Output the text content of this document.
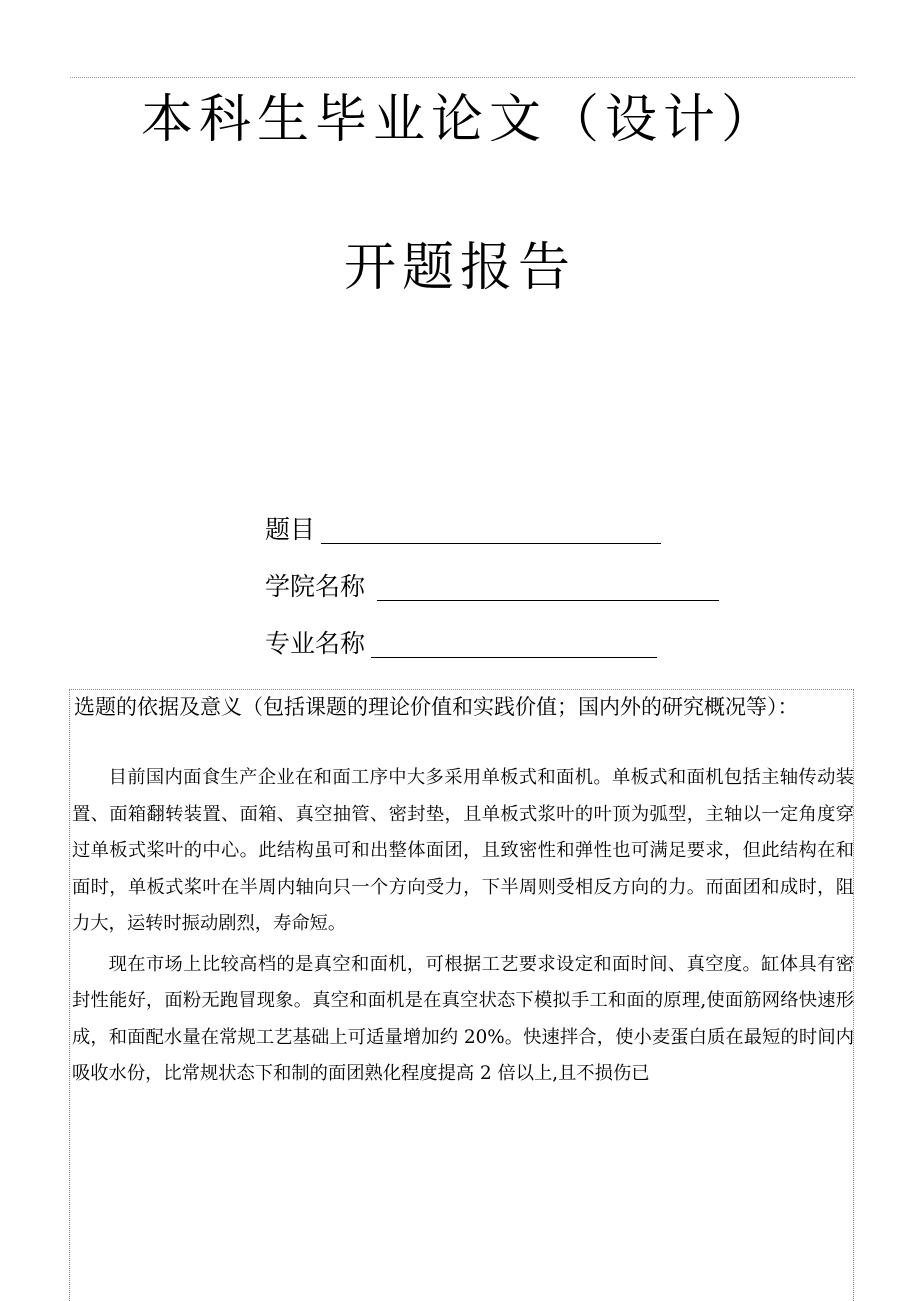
本科生毕业论文（设计）
开题报告
题目
学院名称
专业名称
选题的依据及意义（包括课题的理论价值和实践价值；国内外的研究概况等）：

目前国内面食生产企业在和面工序中大多采用单板式和面机。单板式和面机包括主轴传动装置、面箱翻转装置、面箱、真空抽管、密封垫，且单板式浆叶的叶顶为弧型，主轴以一定角度穿过单板式桨叶的中心。此结构虽可和出整体面团，且致密性和弹性也可满足要求，但此结构在和面时，单板式桨叶在半周内轴向只一个方向受力，下半周则受相反方向的力。而面团和成时，阻力大，运转时振动剧烈，寿命短。

现在市场上比较高档的是真空和面机，可根据工艺要求设定和面时间、真空度。缸体具有密封性能好，面粉无跑冒现象。真空和面机是在真空状态下模拟手工和面的原理,使面筋网络快速形成，和面配水量在常规工艺基础上可适量增加约 20%。快速拌合，使小麦蛋白质在最短的时间内吸收水份，比常规状态下和制的面团熟化程度提高 2 倍以上,且不损伤已
